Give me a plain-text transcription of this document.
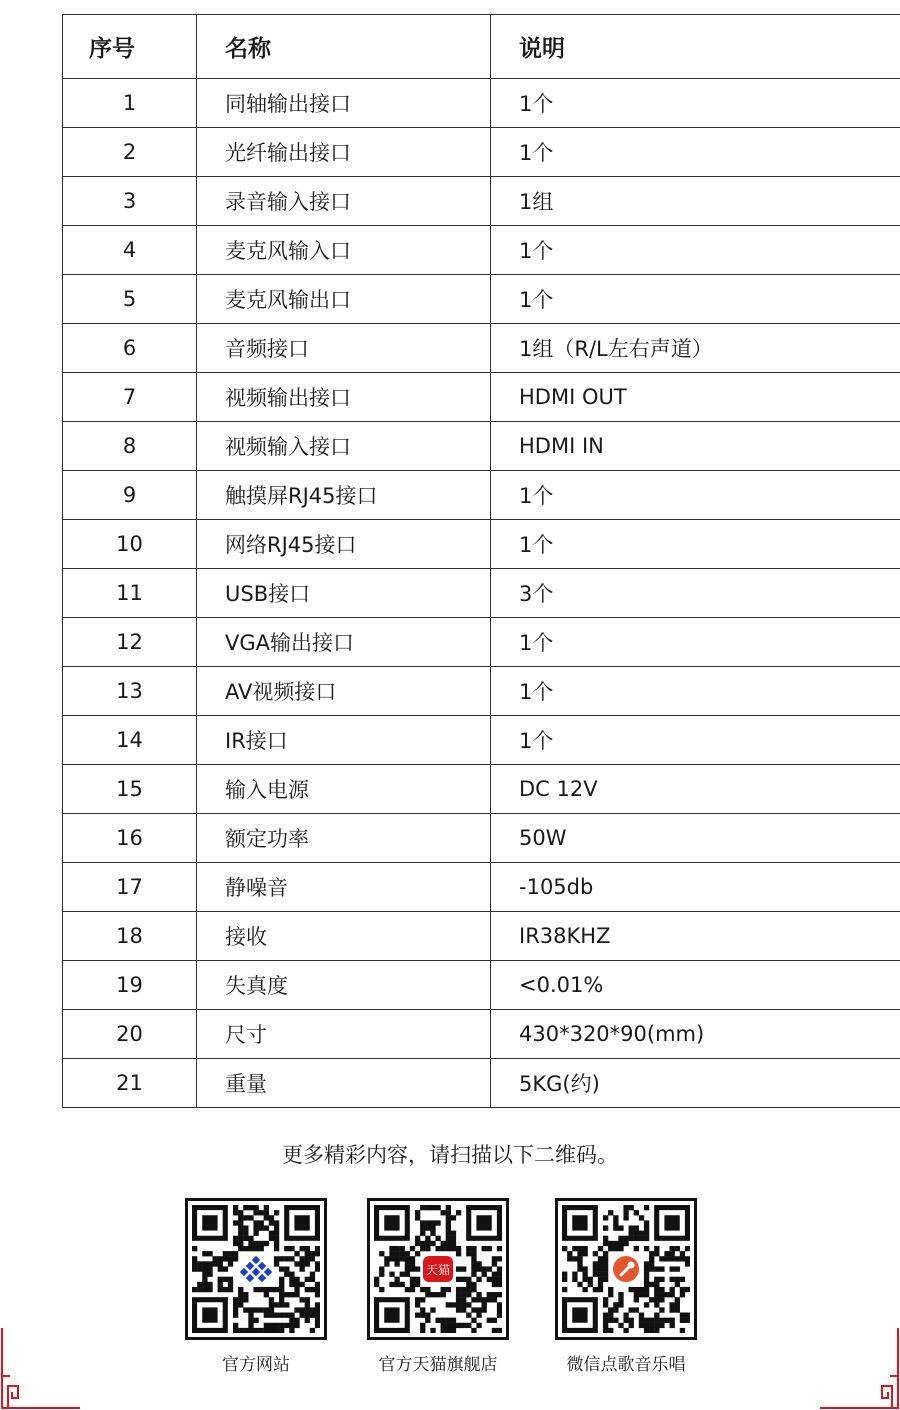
序号	名称	说明
1	同轴输出接口	1个
2	光纤输出接口	1个
3	录音输入接口	1组
4	麦克风输入口	1个
5	麦克风输出口	1个
6	音频接口	1组（R/L左右声道）
7	视频输出接口	HDMI OUT
8	视频输入接口	HDMI IN
9	触摸屏RJ45接口	1个
10	网络RJ45接口	1个
11	USB接口	3个
12	VGA输出接口	1个
13	AV视频接口	1个
14	IR接口	1个
15	输入电源	DC 12V
16	额定功率	50W
17	静噪音	-105db
18	接收	IR38KHZ
19	失真度	<0.01%
20	尺寸	430*320*90(mm)
21	重量	5KG(约)
更多精彩内容，请扫描以下二维码。
官方网站
天猫
官方天猫旗舰店	微信点歌音乐唱
